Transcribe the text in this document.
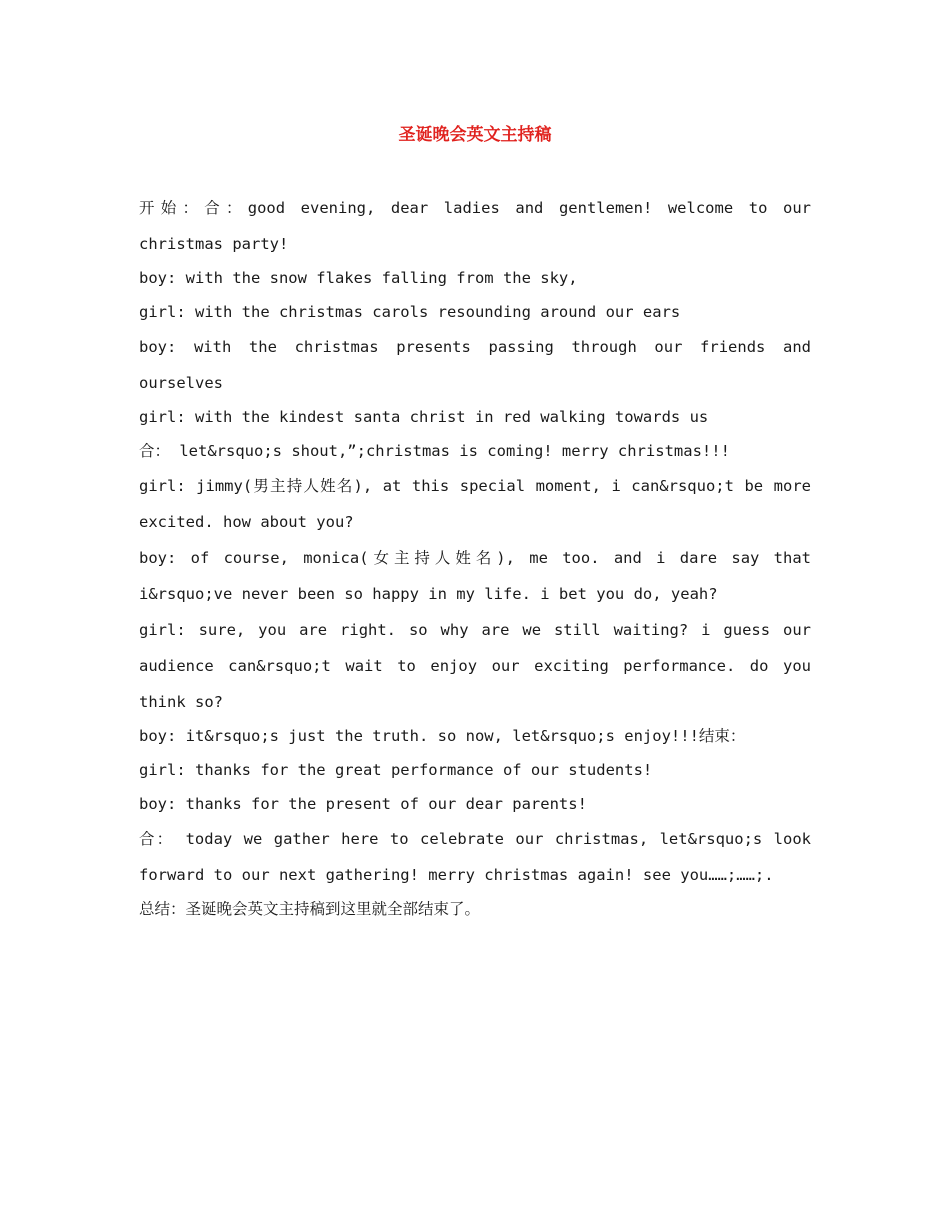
圣诞晚会英文主持稿

开始：合：good evening, dear ladies and gentlemen! welcome to our christmas party!

boy: with the snow flakes falling from the sky,

girl: with the christmas carols resounding around our ears

boy: with the christmas presents passing through our friends and ourselves

girl: with the kindest santa christ in red walking towards us

合： let&rsquo;s shout,”;christmas is coming! merry christmas!!!

girl: jimmy(男主持人姓名), at this special moment, i can&rsquo;t be more excited. how about you?

boy: of course, monica(女主持人姓名), me too. and i dare say that i&rsquo;ve never been so happy in my life. i bet you do, yeah?

girl: sure, you are right. so why are we still waiting? i guess our audience can&rsquo;t wait to enjoy our exciting performance. do you think so?

boy: it&rsquo;s just the truth. so now, let&rsquo;s enjoy!!!结束：

girl: thanks for the great performance of our students!

boy: thanks for the present of our dear parents!

合： today we gather here to celebrate our christmas, let&rsquo;s look forward to our next gathering! merry christmas again! see you……;……;.

总结：圣诞晚会英文主持稿到这里就全部结束了。
